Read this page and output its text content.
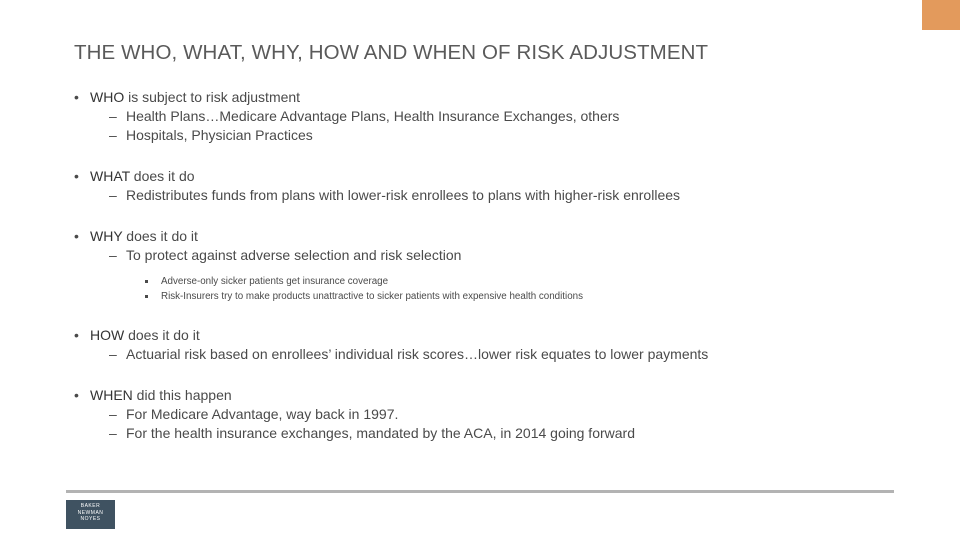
THE WHO, WHAT, WHY, HOW AND WHEN OF RISK ADJUSTMENT
• WHO is subject to risk adjustment
– Health Plans…Medicare Advantage Plans, Health Insurance Exchanges, others
– Hospitals, Physician Practices
• WHAT does it do
– Redistributes funds from plans with lower-risk enrollees to plans with higher-risk enrollees
• WHY does it do it
– To protect against adverse selection and risk selection
Adverse-only sicker patients get insurance coverage
Risk-Insurers try to make products unattractive to sicker patients with expensive health conditions
• HOW does it do it
– Actuarial risk based on enrollees’ individual risk scores…lower risk equates to lower payments
• WHEN did this happen
– For Medicare Advantage, way back in 1997.
– For the health insurance exchanges, mandated by the ACA, in 2014 going forward
BAKER
NEWMAN
NOYES
